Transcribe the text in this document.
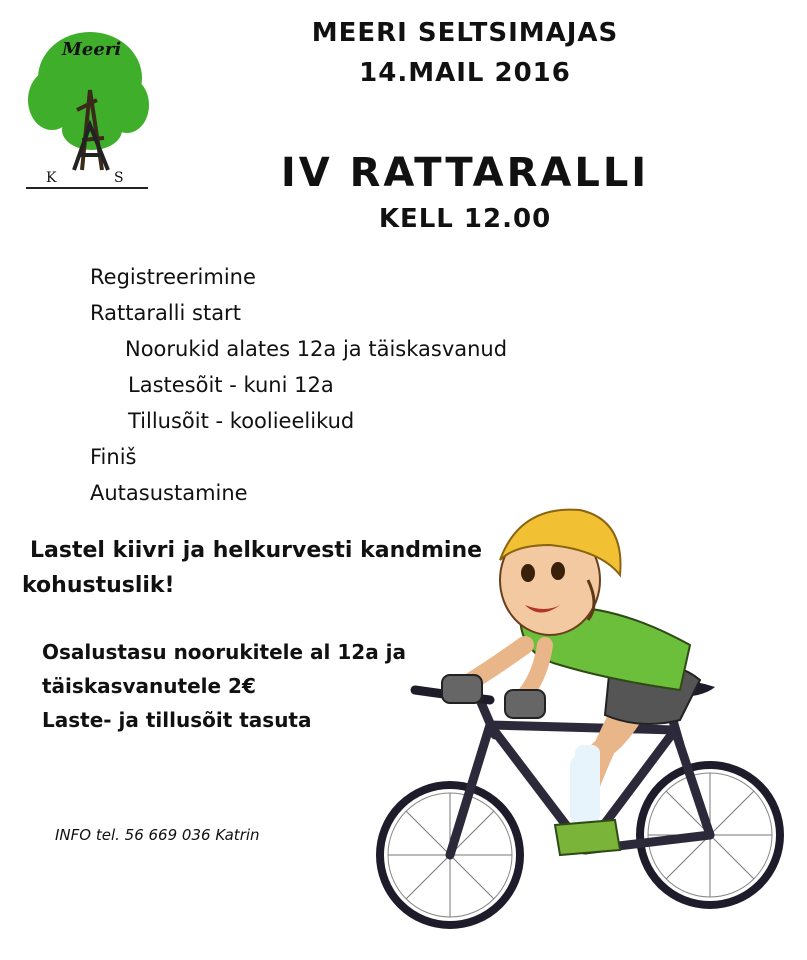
Meeri
K	S
MEERI SELTSIMAJAS
14.MAIL 2016
IV RATTARALLI
KELL 12.00
Registreerimine
Rattaralli start
Noorukid alates 12a ja täiskasvanud
Lastesõit - kuni 12a
Tillusõit - koolieelikud
Finiš
Autasustamine
Lastel kiivri ja helkurvesti kandmine
kohustuslik!
Osalustasu noorukitele al 12a ja
täiskasvanutele 2€
Laste- ja tillusõit tasuta
INFO tel. 56 669 036 Katrin
